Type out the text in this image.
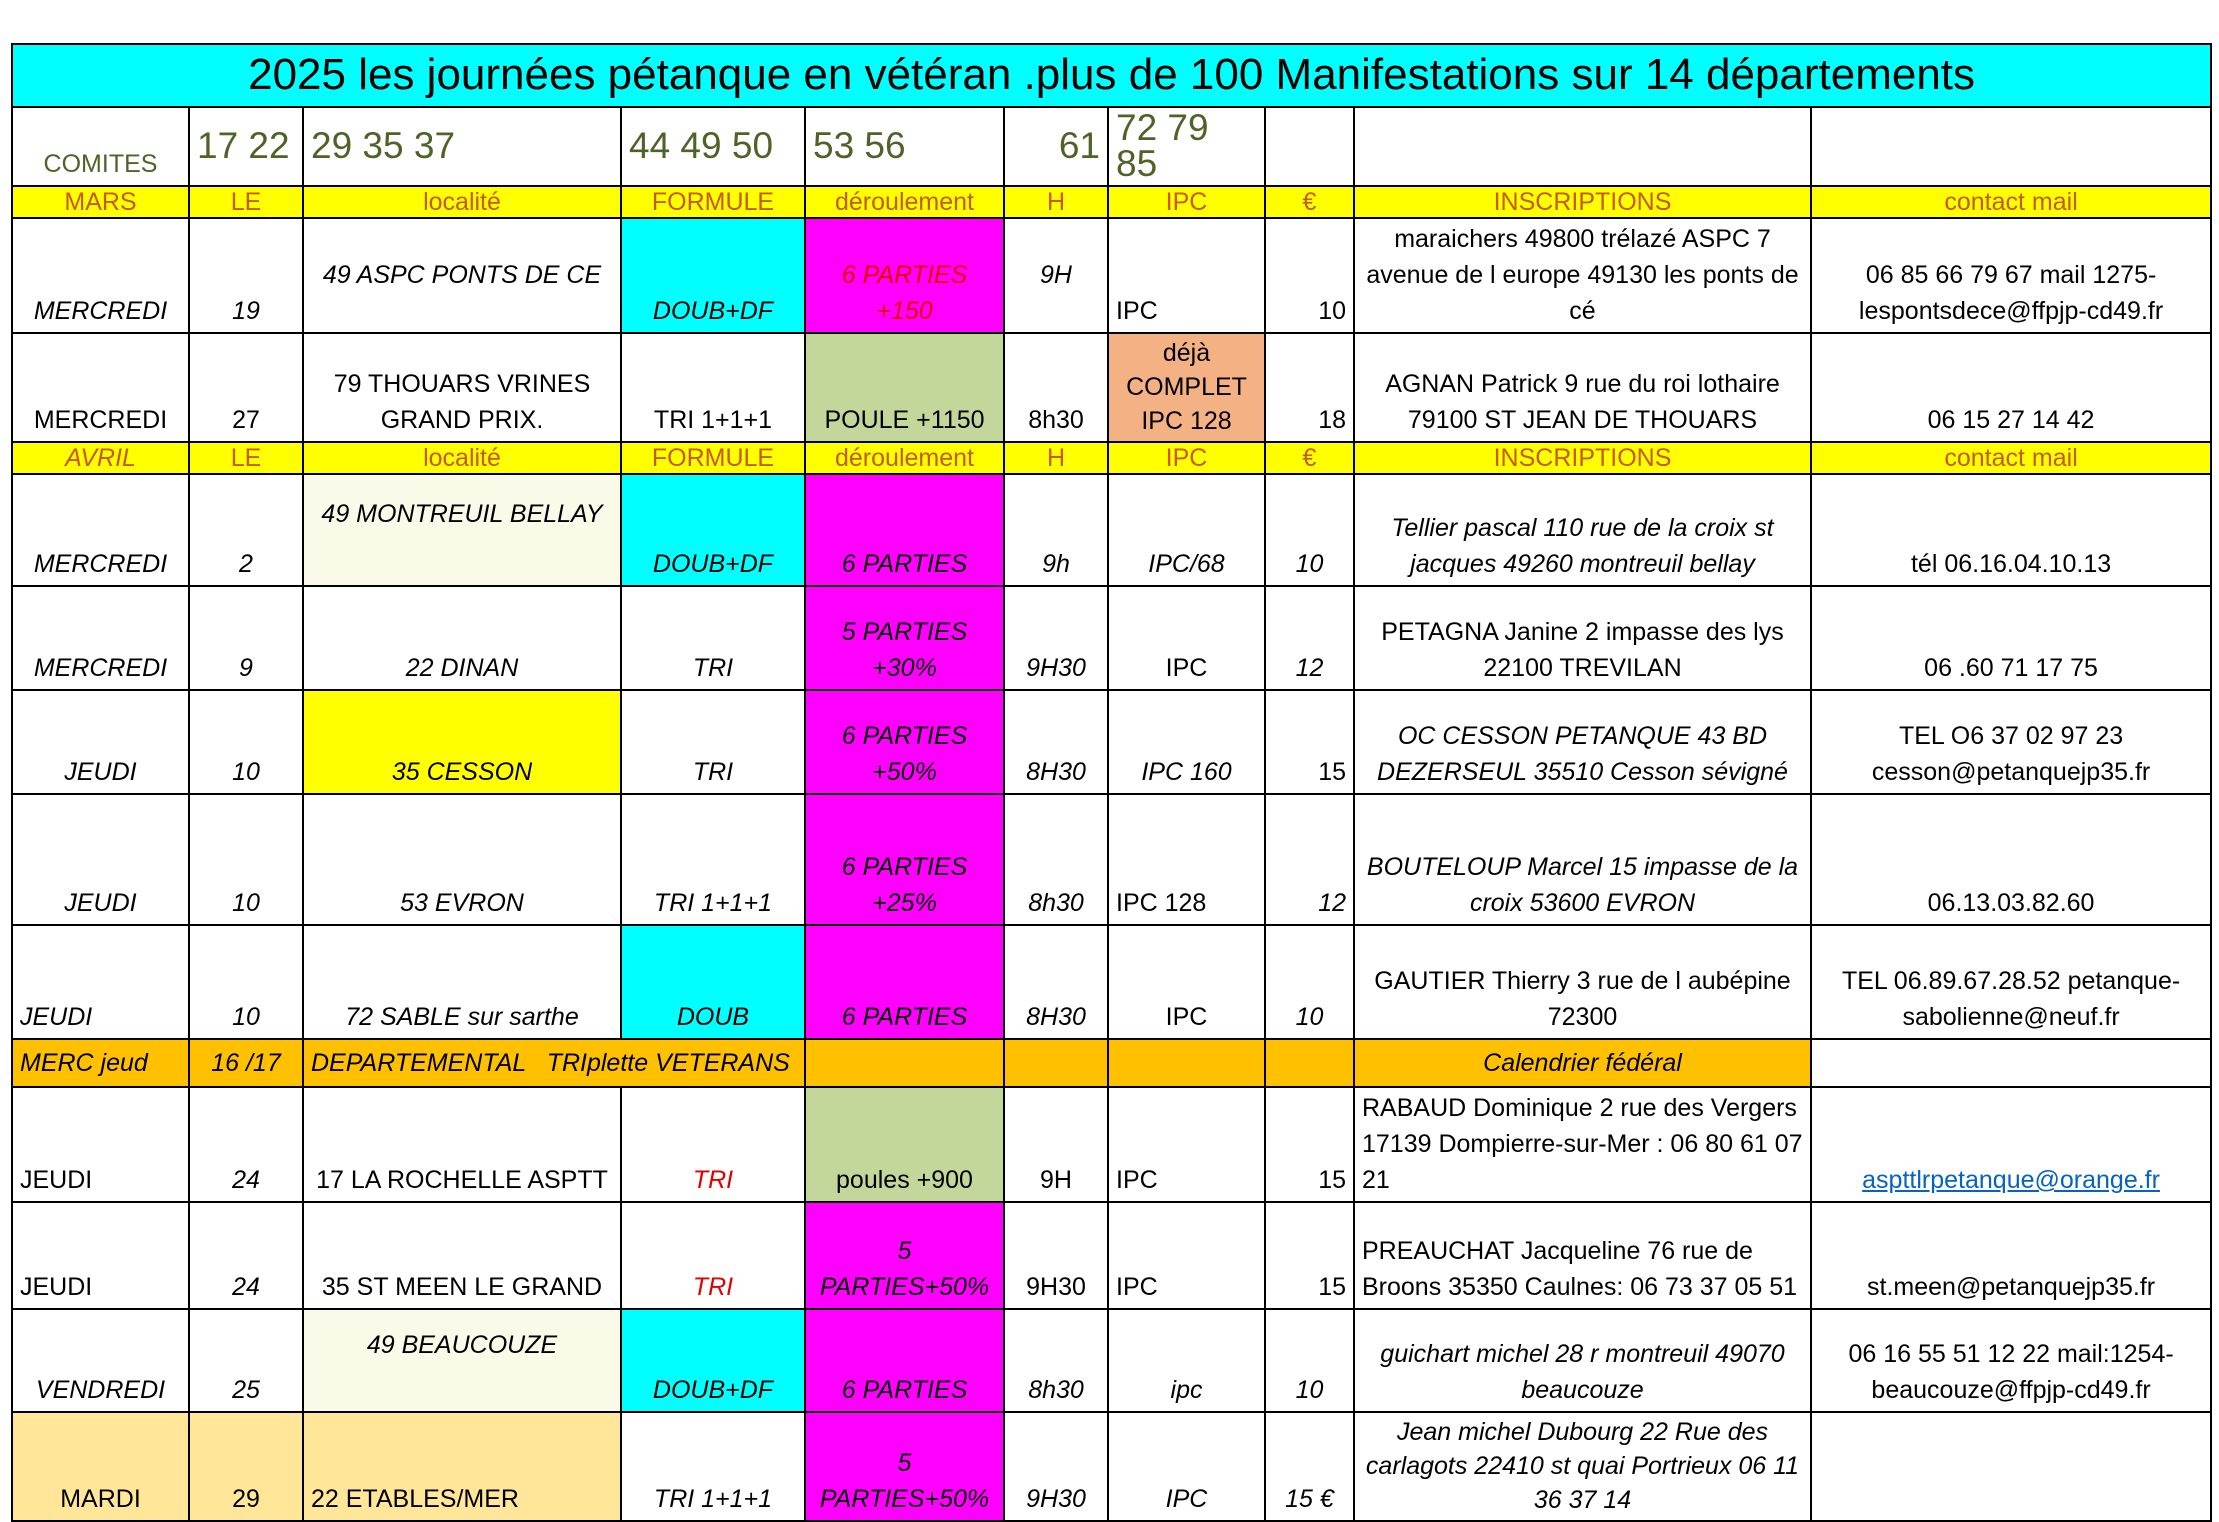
2025 les journées pétanque en vétéran .plus de 100 Manifestations sur 14 départements									
COMITES	17 22	29 35 37	44 49 50	53 56	61	72 79 85			
MARS	LE	localité	FORMULE	déroulement	H	IPC	€	INSCRIPTIONS	contact mail
MERCREDI	19	49 ASPC PONTS DE CE	DOUB+DF	6 PARTIES +150	9H	IPC	10	maraichers 49800 trélazé ASPC 7 avenue de l europe 49130 les ponts de cé	06 85 66 79 67 mail 1275-lespontsdece@ffpjp-cd49.fr
MERCREDI	27	79 THOUARS VRINES GRAND PRIX.	TRI 1+1+1	POULE +1150	8h30	déjà COMPLET IPC 128	18	AGNAN Patrick 9 rue du roi lothaire 79100 ST JEAN DE THOUARS	06 15 27 14 42
AVRIL	LE	localité	FORMULE	déroulement	H	IPC	€	INSCRIPTIONS	contact mail
MERCREDI	2	49 MONTREUIL BELLAY	DOUB+DF	6 PARTIES	9h	IPC/68	10	Tellier pascal 110 rue de la croix st jacques 49260 montreuil bellay	tél 06.16.04.10.13
MERCREDI	9	22 DINAN	TRI	5 PARTIES +30%	9H30	IPC	12	PETAGNA Janine 2 impasse des lys 22100 TREVILAN	06 .60 71 17 75
JEUDI	10	35 CESSON	TRI	6 PARTIES +50%	8H30	IPC 160	15	OC CESSON PETANQUE 43 BD DEZERSEUL 35510 Cesson sévigné	TEL O6 37 02 97 23 cesson@petanquejp35.fr
JEUDI	10	53 EVRON	TRI 1+1+1	6 PARTIES +25%	8h30	IPC 128	12	BOUTELOUP Marcel 15 impasse de la croix 53600 EVRON	06.13.03.82.60
JEUDI	10	72 SABLE sur sarthe	DOUB	6 PARTIES	8H30	IPC	10	GAUTIER Thierry 3 rue de l aubépine 72300	TEL 06.89.67.28.52 petanque-sabolienne@neuf.fr
MERC jeud	16 /17	DEPARTEMENTAL   TRIplette VETERANS						Calendrier fédéral	
JEUDI	24	17 LA ROCHELLE ASPTT	TRI	poules +900	9H	IPC	15	RABAUD Dominique 2 rue des Vergers 17139 Dompierre-sur-Mer : 06 80 61 07 21	aspttlrpetanque@orange.fr
JEUDI	24	35 ST MEEN LE GRAND	TRI	5 PARTIES+50%	9H30	IPC	15	PREAUCHAT Jacqueline 76 rue de Broons 35350 Caulnes: 06 73 37 05 51	st.meen@petanquejp35.fr
VENDREDI	25	49 BEAUCOUZE	DOUB+DF	6 PARTIES	8h30	ipc	10	guichart michel 28 r montreuil 49070 beaucouze	06 16 55 51 12 22 mail:1254-beaucouze@ffpjp-cd49.fr
MARDI	29	22 ETABLES/MER	TRI 1+1+1	5 PARTIES+50%	9H30	IPC	15 €	Jean michel Dubourg 22 Rue des carlagots 22410 st quai Portrieux 06 11 36 37 14	
